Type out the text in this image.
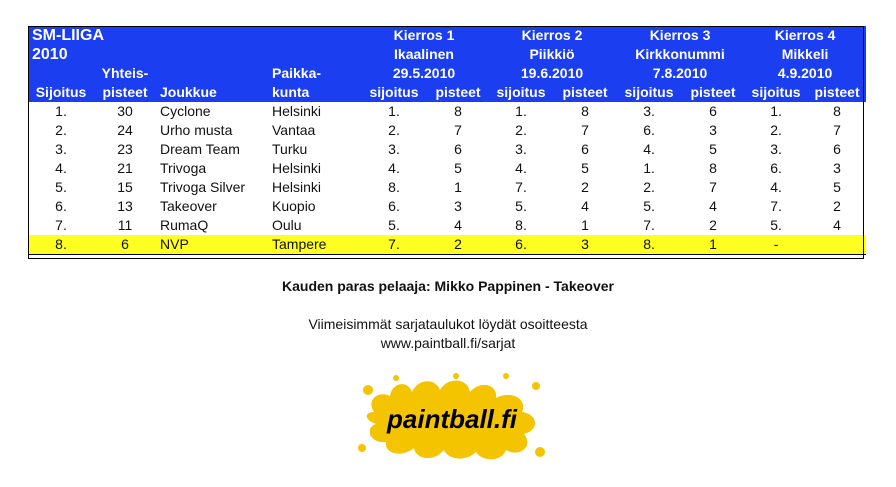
SM-LIIGA				Kierros 1		Kierros 2		Kierros 3		Kierros 4	
2010				Ikaalinen		Piikkiö		Kirkkonummi		Mikkeli	
	Yhteis-		Paikka-	29.5.2010		19.6.2010		7.8.2010		4.9.2010	
Sijoitus	pisteet	Joukkue	kunta	sijoitus	pisteet	sijoitus	pisteet	sijoitus	pisteet	sijoitus	pisteet
1.	30	Cyclone	Helsinki	1.	8	1.	8	3.	6	1.	8
2.	24	Urho musta	Vantaa	2.	7	2.	7	6.	3	2.	7
3.	23	Dream Team	Turku	3.	6	3.	6	4.	5	3.	6
4.	21	Trivoga	Helsinki	4.	5	4.	5	1.	8	6.	3
5.	15	Trivoga Silver	Helsinki	8.	1	7.	2	2.	7	4.	5
6.	13	Takeover	Kuopio	6.	3	5.	4	5.	4	7.	2
7.	11	RumaQ	Oulu	5.	4	8.	1	7.	2	5.	4
8.	6	NVP	Tampere	7.	2	6.	3	8.	1	-	
Kauden paras pelaaja: Mikko Pappinen - Takeover
Viimeisimmät sarjataulukot löydät osoitteesta
www.paintball.fi/sarjat
paintball.fi
